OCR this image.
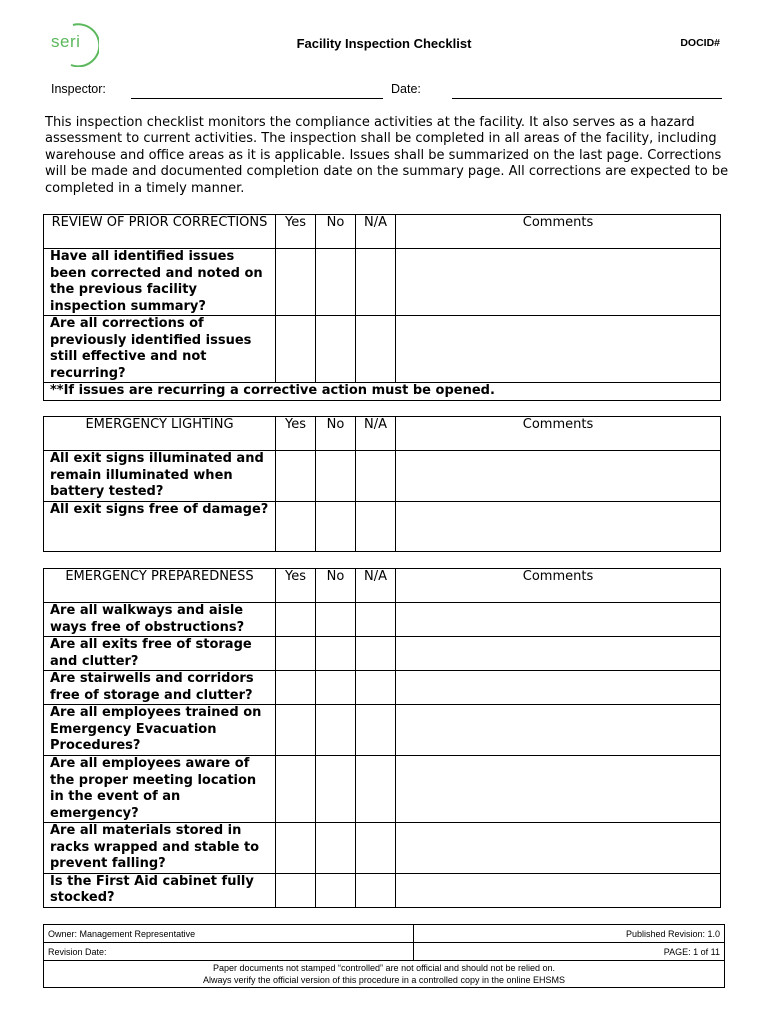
seri	Facility Inspection Checklist	DOCID#
Inspector:	Date:
This inspection checklist monitors the compliance activities at the facility. It also serves as a hazard assessment to current activities. The inspection shall be completed in all areas of the facility, including warehouse and office areas as it is applicable. Issues shall be summarized on the last page. Corrections will be made and documented completion date on the summary page. All corrections are expected to be completed in a timely manner.
REVIEW OF PRIOR CORRECTIONS	Yes	No	N/A	Comments
Have all identified issues been corrected and noted on the previous facility inspection summary?				
Are all corrections of previously identified issues still effective and not recurring?				
**If issues are recurring a corrective action must be opened.				
EMERGENCY LIGHTING	Yes	No	N/A	Comments
All exit signs illuminated and remain illuminated when battery tested?				
All exit signs free of damage?				
EMERGENCY PREPAREDNESS	Yes	No	N/A	Comments
Are all walkways and aisle ways free of obstructions?				
Are all exits free of storage and clutter?				
Are stairwells and corridors free of storage and clutter?				
Are all employees trained on Emergency Evacuation Procedures?				
Are all employees aware of the proper meeting location in the event of an emergency?				
Are all materials stored in racks wrapped and stable to prevent falling?				
Is the First Aid cabinet fully stocked?				
Owner: Management Representative	Published Revision: 1.0
Revision Date:	PAGE: 1 of 11

Paper documents not stamped “controlled” are not official and should not be relied on.
Always verify the official version of this procedure in a controlled copy in the online EHSMS	
